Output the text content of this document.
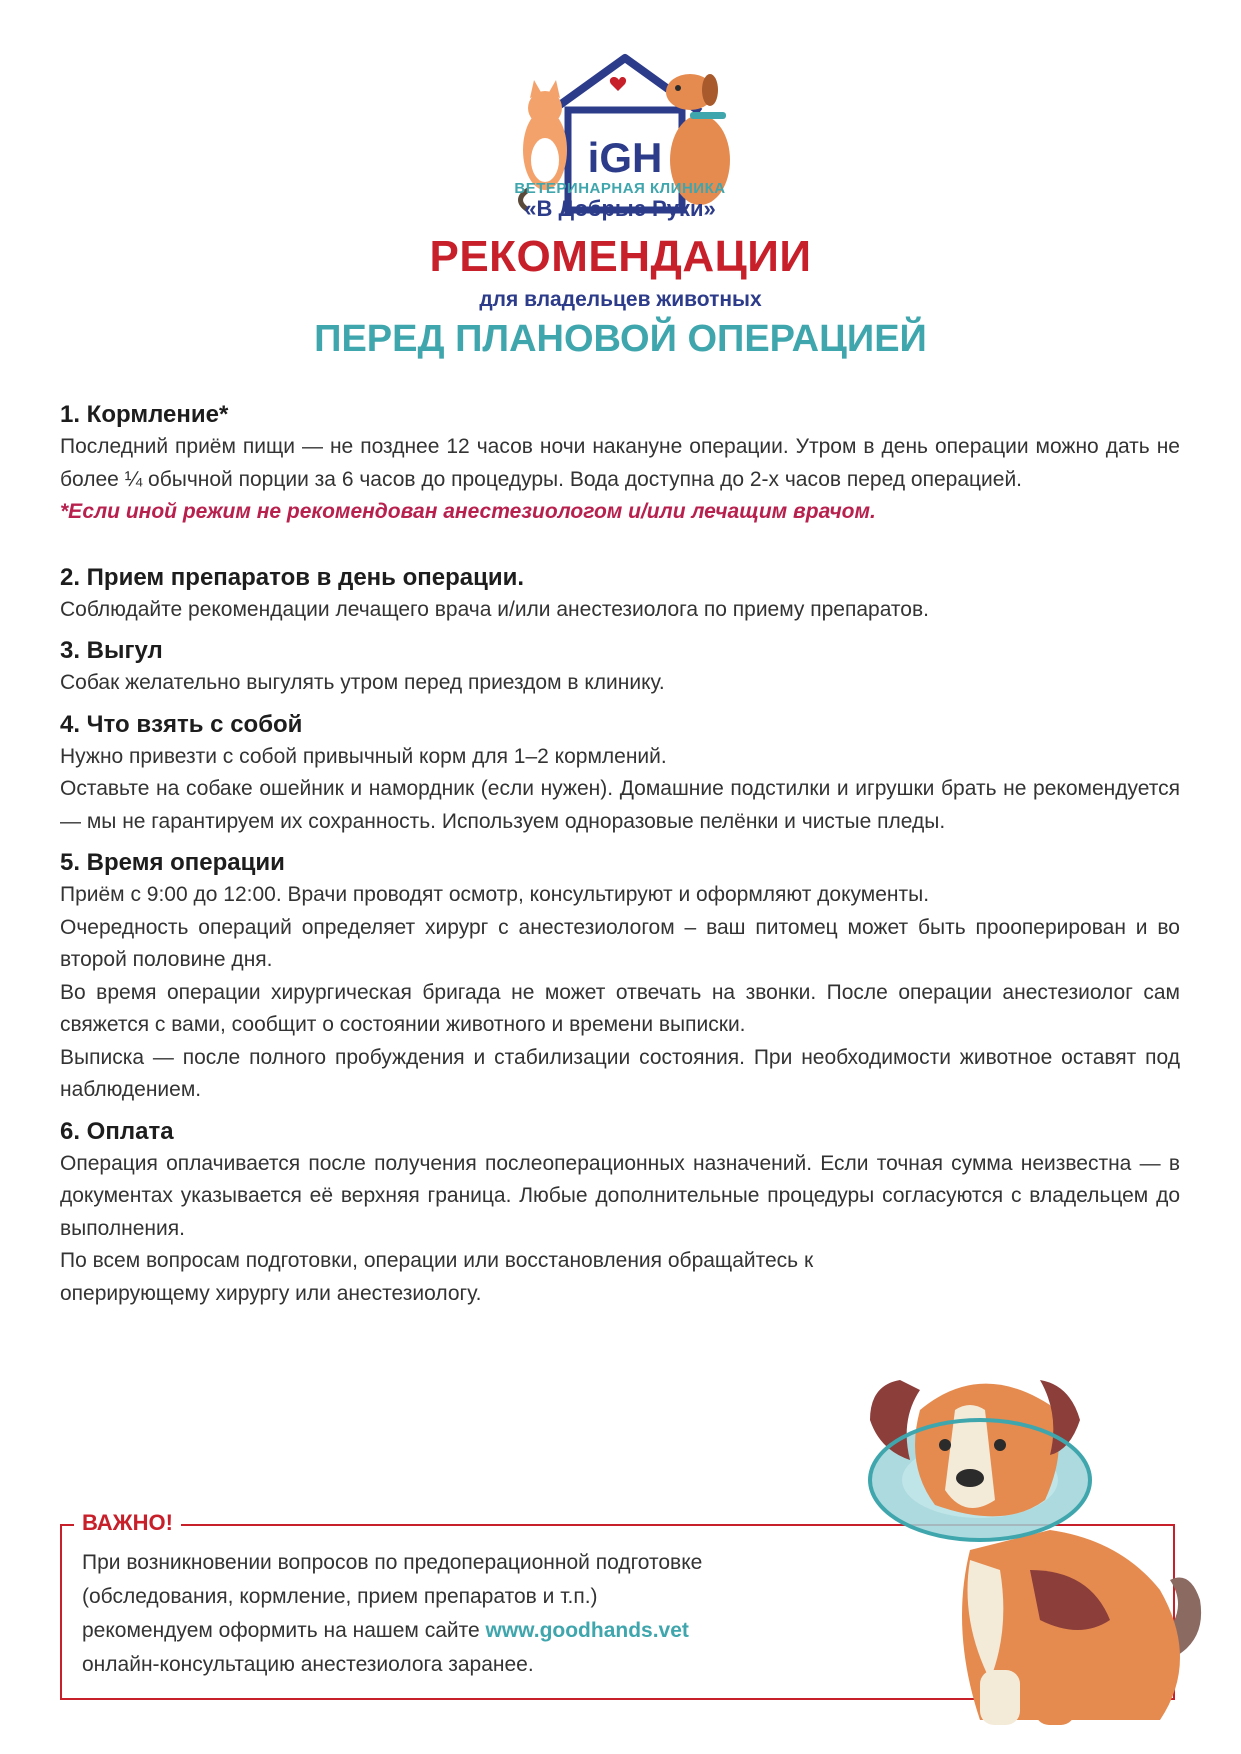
iGH
ВЕТЕРИНАРНАЯ КЛИНИКА
«В Добрые Руки»
РЕКОМЕНДАЦИИ
для владельцев животных
ПЕРЕД ПЛАНОВОЙ ОПЕРАЦИЕЙ

1. Кормление*

Последний приём пищи — не позднее 12 часов ночи накануне операции. Утром в день операции можно дать не более ¼ обычной порции за 6 часов до процедуры. Вода доступна до 2-х часов перед операцией.

*Если иной режим не рекомендован анестезиологом и/или лечащим врачом.

2. Прием препаратов в день операции.

Соблюдайте рекомендации лечащего врача и/или анестезиолога по приему препаратов.

3. Выгул

Собак желательно выгулять утром перед приездом в клинику.

4. Что взять с собой

Нужно привезти с собой привычный корм для 1–2 кормлений.

Оставьте на собаке ошейник и намордник (если нужен). Домашние подстилки и игрушки брать не рекомендуется — мы не гарантируем их сохранность. Используем одноразовые пелёнки и чистые пледы.

5. Время операции

Приём с 9:00 до 12:00. Врачи проводят осмотр, консультируют и оформляют документы.

Очередность операций определяет хирург с анестезиологом – ваш питомец может быть прооперирован и во второй половине дня.

Во время операции хирургическая бригада не может отвечать на звонки. После операции анестезиолог сам свяжется с вами, сообщит о состоянии животного и времени выписки.

Выписка — после полного пробуждения и стабилизации состояния. При необходимости животное оставят под наблюдением.

6. Оплата

Операция оплачивается после получения послеоперационных назначений. Если точная сумма неизвестна — в документах указывается её верхняя граница. Любые дополнительные процедуры согласуются с владельцем до выполнения.

По всем вопросам подготовки, операции или восстановления обращайтесь к оперирующему хирургу или анестезиологу.

ВАЖНО!
При возникновении вопросов по предоперационной подготовке
(обследования, кормление, прием препаратов и т.п.)
рекомендуем оформить на нашем сайте www.goodhands.vet
онлайн-консультацию анестезиолога заранее.
